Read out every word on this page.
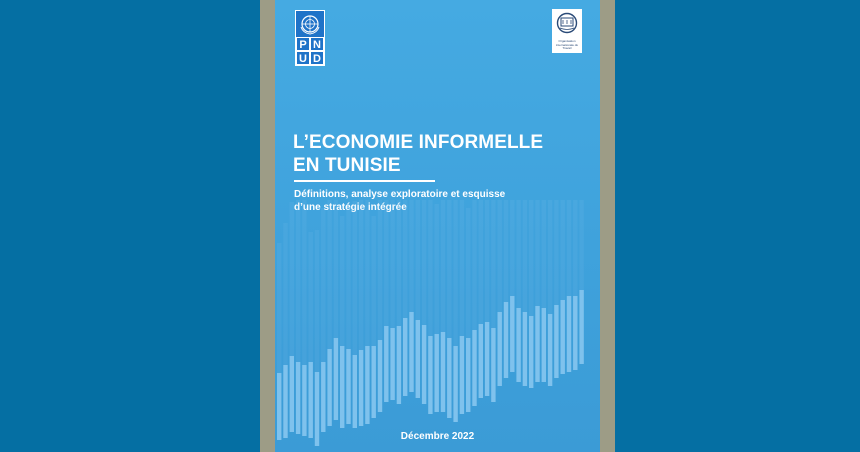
P N
U D
Organisation internationale du Travail
L’ECONOMIE INFORMELLE
EN TUNISIE

Définitions, analyse exploratoire et esquisse
d’une stratégie intégrée

Décembre 2022
